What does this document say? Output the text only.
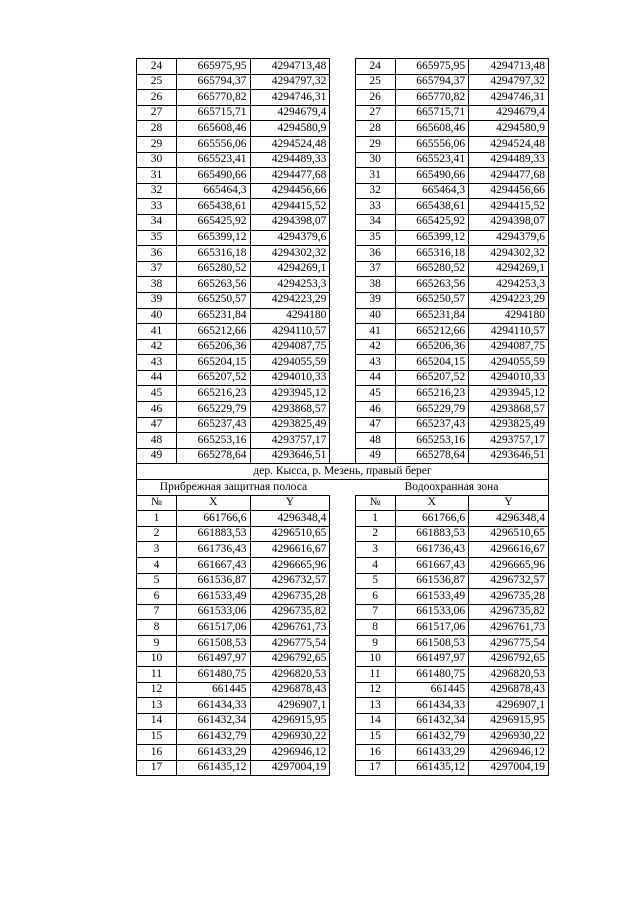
24	665975,95	4294713,48		24	665975,95	4294713,48
25	665794,37	4294797,32		25	665794,37	4294797,32
26	665770,82	4294746,31		26	665770,82	4294746,31
27	665715,71	4294679,4		27	665715,71	4294679,4
28	665608,46	4294580,9		28	665608,46	4294580,9
29	665556,06	4294524,48		29	665556,06	4294524,48
30	665523,41	4294489,33		30	665523,41	4294489,33
31	665490,66	4294477,68		31	665490,66	4294477,68
32	665464,3	4294456,66		32	665464,3	4294456,66
33	665438,61	4294415,52		33	665438,61	4294415,52
34	665425,92	4294398,07		34	665425,92	4294398,07
35	665399,12	4294379,6		35	665399,12	4294379,6
36	665316,18	4294302,32		36	665316,18	4294302,32
37	665280,52	4294269,1		37	665280,52	4294269,1
38	665263,56	4294253,3		38	665263,56	4294253,3
39	665250,57	4294223,29		39	665250,57	4294223,29
40	665231,84	4294180		40	665231,84	4294180
41	665212,66	4294110,57		41	665212,66	4294110,57
42	665206,36	4294087,75		42	665206,36	4294087,75
43	665204,15	4294055,59		43	665204,15	4294055,59
44	665207,52	4294010,33		44	665207,52	4294010,33
45	665216,23	4293945,12		45	665216,23	4293945,12
46	665229,79	4293868,57		46	665229,79	4293868,57
47	665237,43	4293825,49		47	665237,43	4293825,49
48	665253,16	4293757,17		48	665253,16	4293757,17
49	665278,64	4293646,51		49	665278,64	4293646,51
дер. Кысса, р. Мезень, правый берег						
Прибрежная защитная полоса				Водоохранная зона		
№	X	Y		№	X	Y
1	661766,6	4296348,4		1	661766,6	4296348,4
2	661883,53	4296510,65		2	661883,53	4296510,65
3	661736,43	4296616,67		3	661736,43	4296616,67
4	661667,43	4296665,96		4	661667,43	4296665,96
5	661536,87	4296732,57		5	661536,87	4296732,57
6	661533,49	4296735,28		6	661533,49	4296735,28
7	661533,06	4296735,82		7	661533,06	4296735,82
8	661517,06	4296761,73		8	661517,06	4296761,73
9	661508,53	4296775,54		9	661508,53	4296775,54
10	661497,97	4296792,65		10	661497,97	4296792,65
11	661480,75	4296820,53		11	661480,75	4296820,53
12	661445	4296878,43		12	661445	4296878,43
13	661434,33	4296907,1		13	661434,33	4296907,1
14	661432,34	4296915,95		14	661432,34	4296915,95
15	661432,79	4296930,22		15	661432,79	4296930,22
16	661433,29	4296946,12		16	661433,29	4296946,12
17	661435,12	4297004,19		17	661435,12	4297004,19
